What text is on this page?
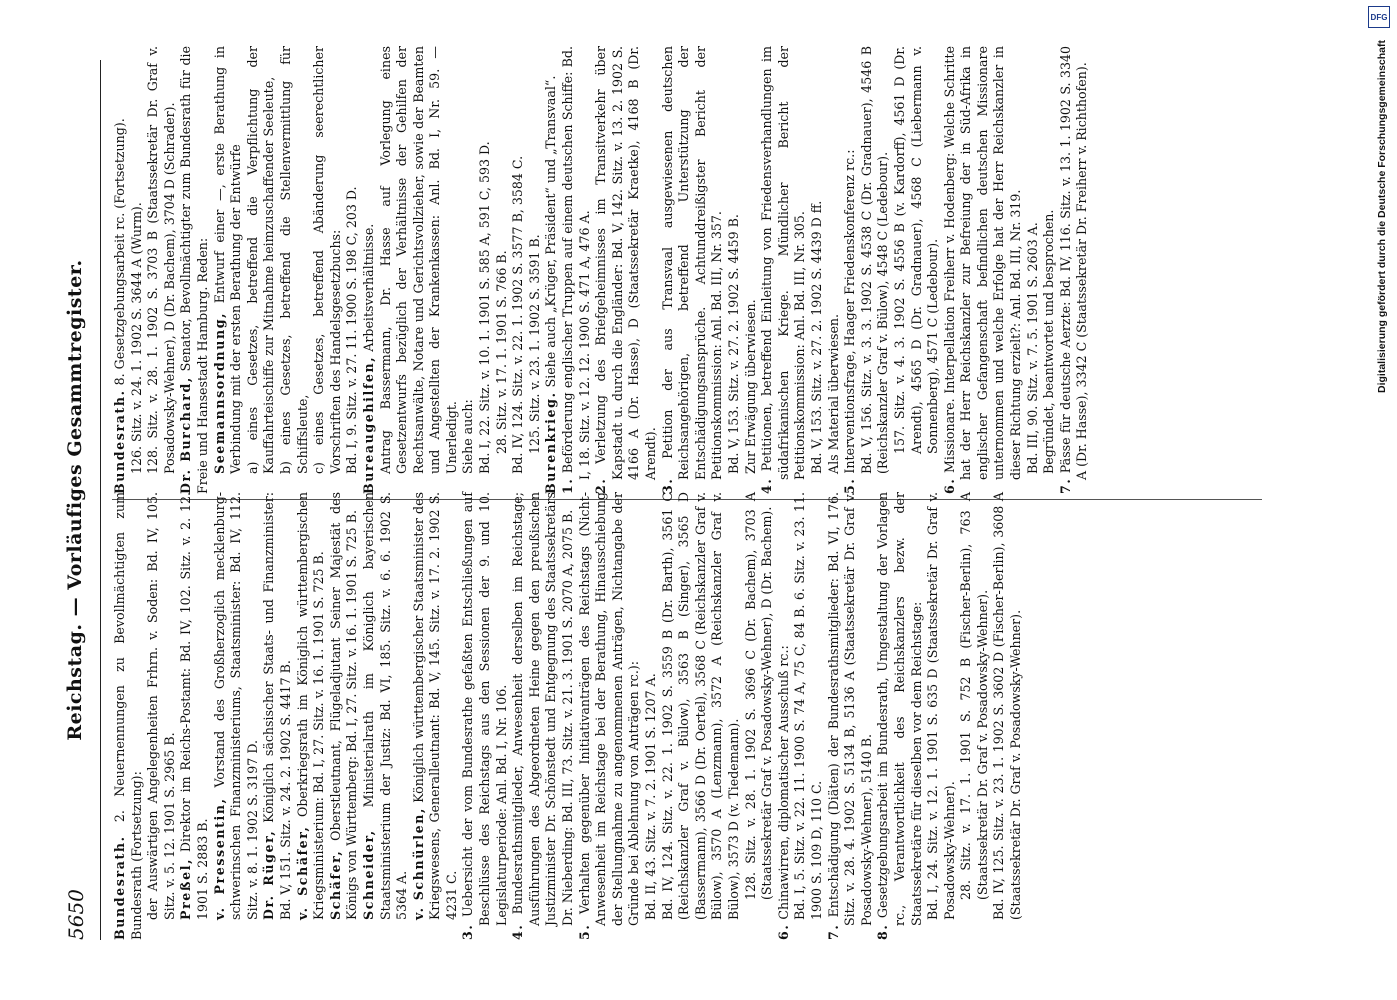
5650
Reichstag. — Vorläufiges Gesammtregister.

Bundesrath. 2. Neuernennungen zu Bevollmächtigten zum Bundesrath (Fortsetzung): der Auswärtigen Angelegenheiten Frhrn. v. Soden: Bd. IV, 105. Sitz. v. 5. 12. 1901 S. 2965 B. Preßel, Direktor im Reichs-Postamt: Bd. IV, 102. Sitz. v. 2. 12. 1901 S. 2883 B. v. Pressentin, Vorstand des Großherzoglich mecklenburg-schwerinschen Finanzministeriums, Staatsminister: Bd. IV, 112. Sitz. v. 8. 1. 1902 S. 3197 D. Dr. Rüger, Königlich sächsischer Staats- und Finanzminister: Bd. V, 151. Sitz. v. 24. 2. 1902 S. 4417 B. v. Schäfer, Oberkriegsrath im Königlich württembergischen Kriegsministerium: Bd. I, 27. Sitz. v. 16. 1. 1901 S. 725 B. Schäfer, Oberstleutnant, Flügeladjutant Seiner Majestät des Königs von Württemberg: Bd. I, 27. Sitz. v. 16. 1. 1901 S. 725 B. Schneider, Ministerialrath im Königlich bayerischen Staatsministerium der Justiz: Bd. VI, 185. Sitz. v. 6. 6. 1902 S. 5364 A. v. Schnürlen, Königlich württembergischer Staatsminister des Kriegswesens, Generalleutnant: Bd. V, 145. Sitz. v. 17. 2. 1902 S. 4231 C.

3. Uebersicht der vom Bundesrathe gefaßten Entschließungen auf Beschlüsse des Reichstags aus den Sessionen der 9. und 10. Legislaturperiode: Anl. Bd. I, Nr. 106.

4. Bundesrathsmitglieder, Anwesenheit derselben im Reichstage; Ausführungen des Abgeordneten Heine gegen den preußischen Justizminister Dr. Schönstedt und Entgegnung des Staatssekretärs Dr. Nieberding: Bd. III, 73. Sitz. v. 21. 3. 1901 S. 2070 A, 2075 B.

5. Verhalten gegenüber Initiativanträgen des Reichstags (Nicht-Anwesenheit im Reichstage bei der Berathung, Hinausschiebung der Stellungnahme zu angenommenen Anträgen, Nichtangabe der Gründe bei Ablehnung von Anträgen rc.): Bd. II, 43. Sitz. v. 7. 2. 1901 S. 1207 A. Bd. IV, 124. Sitz. v. 22. 1. 1902 S. 3559 B (Dr. Barth), 3561 C (Reichskanzler Graf v. Bülow), 3563 B (Singer), 3565 D (Bassermann), 3566 D (Dr. Oertel), 3568 C (Reichskanzler Graf v. Bülow), 3570 A (Lenzmann), 3572 A (Reichskanzler Graf v. Bülow), 3573 D (v. Tiedemann). 128. Sitz. v. 28. 1. 1902 S. 3696 C (Dr. Bachem), 3703 A (Staatssekretär Graf v. Posadowsky-Wehner), D (Dr. Bachem).

6. Chinawirren, diplomatischer Ausschuß rc.: Bd. I, 5. Sitz. v. 22. 11. 1900 S. 74 A, 75 C, 84 B. 6. Sitz. v. 23. 11. 1900 S. 109 D, 110 C.

7. Entschädigung (Diäten) der Bundesrathsmitglieder: Bd. VI, 176. Sitz. v. 28. 4. 1902 S. 5134 B, 5136 A (Staatssekretär Dr. Graf v. Posadowsky-Wehner), 5140 B.

8. Gesetzgebungsarbeit im Bundesrath, Umgestaltung der Vorlagen rc., Verantwortlichkeit des Reichskanzlers bezw. der Staatssekretäre für dieselben vor dem Reichstage: Bd. I, 24. Sitz. v. 12. 1. 1901 S. 635 D (Staatssekretär Dr. Graf v. Posadowsky-Wehner). 28. Sitz. v. 17. 1. 1901 S. 752 B (Fischer-Berlin), 763 A (Staatssekretär Dr. Graf v. Posadowsky-Wehner). Bd. IV, 125. Sitz. v. 23. 1. 1902 S. 3602 D (Fischer-Berlin), 3608 A (Staatssekretär Dr. Graf v. Posadowsky-Wehner).

Bundesrath. 8. Gesetzgebungsarbeit rc. (Fortsetzung). 126. Sitz. v. 24. 1. 1902 S. 3644 A (Wurm). 128. Sitz. v. 28. 1. 1902 S. 3703 B (Staatssekretär Dr. Graf v. Posadowsky-Wehner), D (Dr. Bachem), 3704 D (Schrader). Dr. Burchard, Senator, Bevollmächtigter zum Bundesrath für die Freie und Hansestadt Hamburg. Reden: Seemannsordnung, Entwurf einer —, erste Berathung in Verbindung mit der ersten Berathung der Entwürfe a) eines Gesetzes, betreffend die Verpflichtung der Kauffahrteischiffe zur Mitnahme heimzuschaffender Seeleute, b) eines Gesetzes, betreffend die Stellenvermittlung für Schiffsleute, c) eines Gesetzes, betreffend Abänderung seerechtlicher Vorschriften des Handelsgesetzbuchs: Bd. I, 9. Sitz. v. 27. 11. 1900 S. 198 C, 203 D. Bureaugehilfen, Arbeitsverhältnisse. Antrag Bassermann, Dr. Hasse auf Vorlegung eines Gesetzentwurfs bezüglich der Verhältnisse der Gehilfen der Rechtsanwälte, Notare und Gerichtsvollzieher, sowie der Beamten und Angestellten der Krankenkassen: Anl. Bd. I, Nr. 59. — Unerledigt. Siehe auch: Bd. I, 22. Sitz. v. 10. 1. 1901 S. 585 A, 591 C, 593 D. 28. Sitz. v. 17. 1. 1901 S. 766 B. Bd. IV, 124. Sitz. v. 22. 1. 1902 S. 3577 B, 3584 C. 125. Sitz. v. 23. 1. 1902 S. 3591 B. Burenkrieg. Siehe auch „Krüger, Präsident“ und „Transvaal“.

1. Beförderung englischer Truppen auf einem deutschen Schiffe: Bd. I, 18. Sitz. v. 12. 12. 1900 S. 471 A, 476 A.

2. Verletzung des Briefgeheimnisses im Transitverkehr über Kapstadt u. durch die Engländer: Bd. V, 142. Sitz. v. 13. 2. 1902 S. 4166 A (Dr. Hasse), D (Staatssekretär Kraetke), 4168 B (Dr. Arendt).

3. Petition der aus Transvaal ausgewiesenen deutschen Reichsangehörigen, betreffend Unterstützung der Entschädigungsansprüche. Achtunddreißigster Bericht der Petitionskommission: Anl. Bd. III, Nr. 357. Bd. V, 153. Sitz. v. 27. 2. 1902 S. 4459 B. Zur Erwägung überwiesen.

4. Petitionen, betreffend Einleitung von Friedensverhandlungen im südafrikanischen Kriege. Mündlicher Bericht der Petitionskommission: Anl. Bd. III, Nr. 305. Bd. V, 153. Sitz. v. 27. 2. 1902 S. 4439 D ff. Als Material überwiesen.

5. Interventionsfrage, Haager Friedenskonferenz rc.: Bd. V, 156. Sitz. v. 3. 3. 1902 S. 4538 C (Dr. Gradnauer), 4546 B (Reichskanzler Graf v. Bülow), 4548 C (Ledebour). 157. Sitz. v. 4. 3. 1902 S. 4556 B (v. Kardorff), 4561 D (Dr. Arendt), 4565 D (Dr. Gradnauer), 4568 C (Liebermann v. Sonnenberg), 4571 C (Ledebour).

6. Missionare. Interpellation Freiherr v. Hodenberg: Welche Schritte hat der Herr Reichskanzler zur Befreiung der in Süd-Afrika in englischer Gefangenschaft befindlichen deutschen Missionare unternommen und welche Erfolge hat der Herr Reichskanzler in dieser Richtung erzielt?: Anl. Bd. III, Nr. 319. Bd. III, 90. Sitz. v. 7. 5. 1901 S. 2603 A. Begründet, beantwortet und besprochen.

7. Pässe für deutsche Aerzte: Bd. IV, 116. Sitz. v. 13. 1. 1902 S. 3340 A (Dr. Hasse), 3342 C (Staatssekretär Dr. Freiherr v. Richthofen).	Digitalisierung gefördert durch die Deutsche Forschungsgemeinschaft
DFG
